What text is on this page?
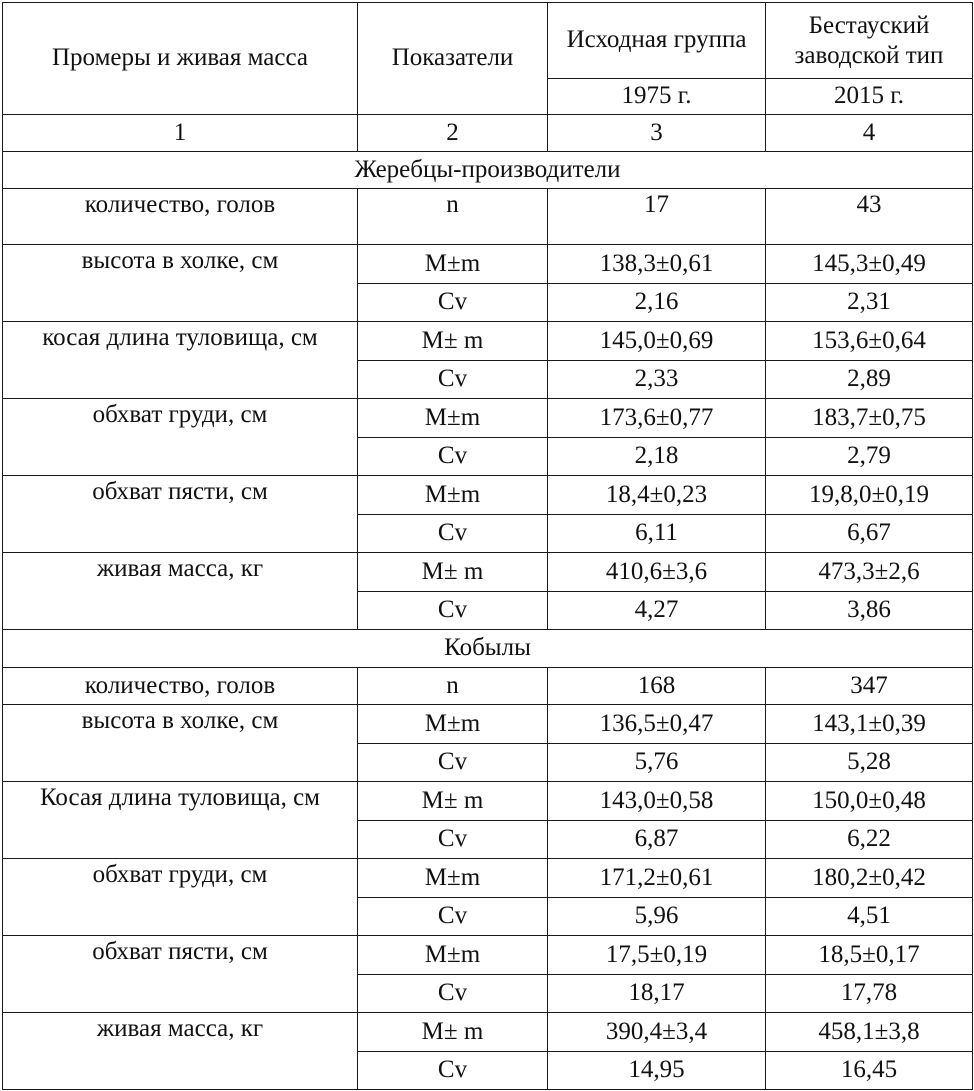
Промеры и живая масса	Показатели	Исходная группа	Бестауский заводской тип
		1975 г.	2015 г.
1	2	3	4
Жеребцы-производители			
количество, голов	n	17	43
высота в холке, см	M±m	138,3±0,61	145,3±0,49
	Cv	2,16	2,31
косая длина туловища, см	M± m	145,0±0,69	153,6±0,64
	Cv	2,33	2,89
обхват груди, см	M±m	173,6±0,77	183,7±0,75
	Cv	2,18	2,79
обхват пясти, см	M±m	18,4±0,23	19,8,0±0,19
	Cv	6,11	6,67
живая масса, кг	M± m	410,6±3,6	473,3±2,6
	Cv	4,27	3,86
Кобылы			
количество, голов	n	168	347
высота в холке, см	M±m	136,5±0,47	143,1±0,39
	Cv	5,76	5,28
Косая длина туловища, см	M± m	143,0±0,58	150,0±0,48
	Cv	6,87	6,22
обхват груди, см	M±m	171,2±0,61	180,2±0,42
	Cv	5,96	4,51
обхват пясти, см	M±m	17,5±0,19	18,5±0,17
	Cv	18,17	17,78
живая масса, кг	M± m	390,4±3,4	458,1±3,8
	Cv	14,95	16,45
